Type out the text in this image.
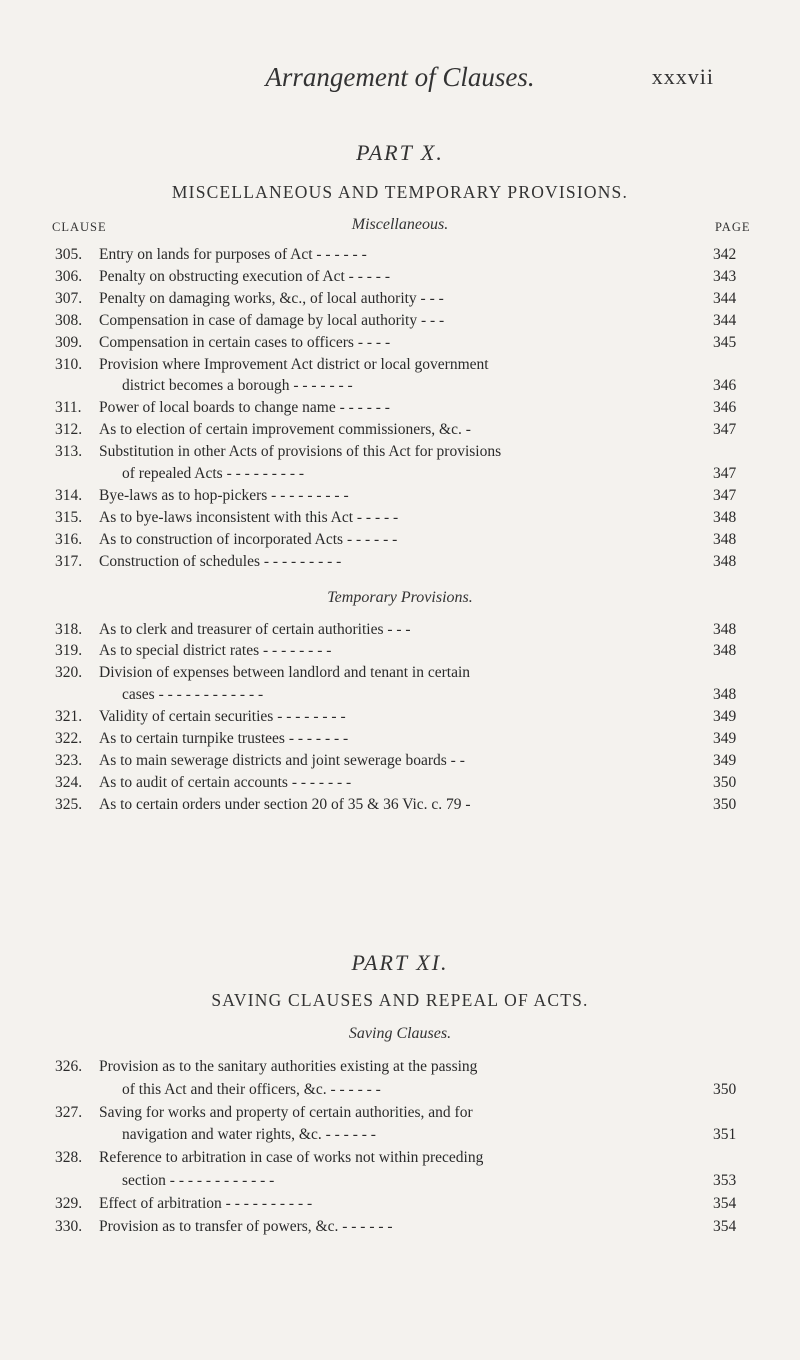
Arrangement of Clauses.	xxxvii
PART X.
MISCELLANEOUS AND TEMPORARY PROVISIONS.
CLAUSE	Miscellaneous.	PAGE
305. Entry on lands for purposes of Act - - - - - -	342
306. Penalty on obstructing execution of Act - - - - -	343
307. Penalty on damaging works, &c., of local authority - - -	344
308. Compensation in case of damage by local authority - - -	344
309. Compensation in certain cases to officers - - - -	345
310. Provision where Improvement Act district or local government
district becomes a borough - - - - - - -	346
311. Power of local boards to change name - - - - - -	346
312. As to election of certain improvement commissioners, &c. -	347
313. Substitution in other Acts of provisions of this Act for provisions
of repealed Acts - - - - - - - - -	347
314. Bye-laws as to hop-pickers - - - - - - - - -	347
315. As to bye-laws inconsistent with this Act - - - - -	348
316. As to construction of incorporated Acts - - - - - -	348
317. Construction of schedules - - - - - - - - -	348
Temporary Provisions.
318. As to clerk and treasurer of certain authorities - - -	348
319. As to special district rates - - - - - - - -	348
320. Division of expenses between landlord and tenant in certain
cases - - - - - - - - - - - -	348
321. Validity of certain securities - - - - - - - -	349
322. As to certain turnpike trustees - - - - - - -	349
323. As to main sewerage districts and joint sewerage boards - -	349
324. As to audit of certain accounts - - - - - - -	350
325. As to certain orders under section 20 of 35 & 36 Vic. c. 79 -	350
PART XI.
SAVING CLAUSES AND REPEAL OF ACTS.
Saving Clauses.
326. Provision as to the sanitary authorities existing at the passing
of this Act and their officers, &c. - - - - - -	350
327. Saving for works and property of certain authorities, and for
navigation and water rights, &c. - - - - - -	351
328. Reference to arbitration in case of works not within preceding
section - - - - - - - - - - - -	353
329. Effect of arbitration - - - - - - - - - -	354
330. Provision as to transfer of powers, &c. - - - - - -	354
